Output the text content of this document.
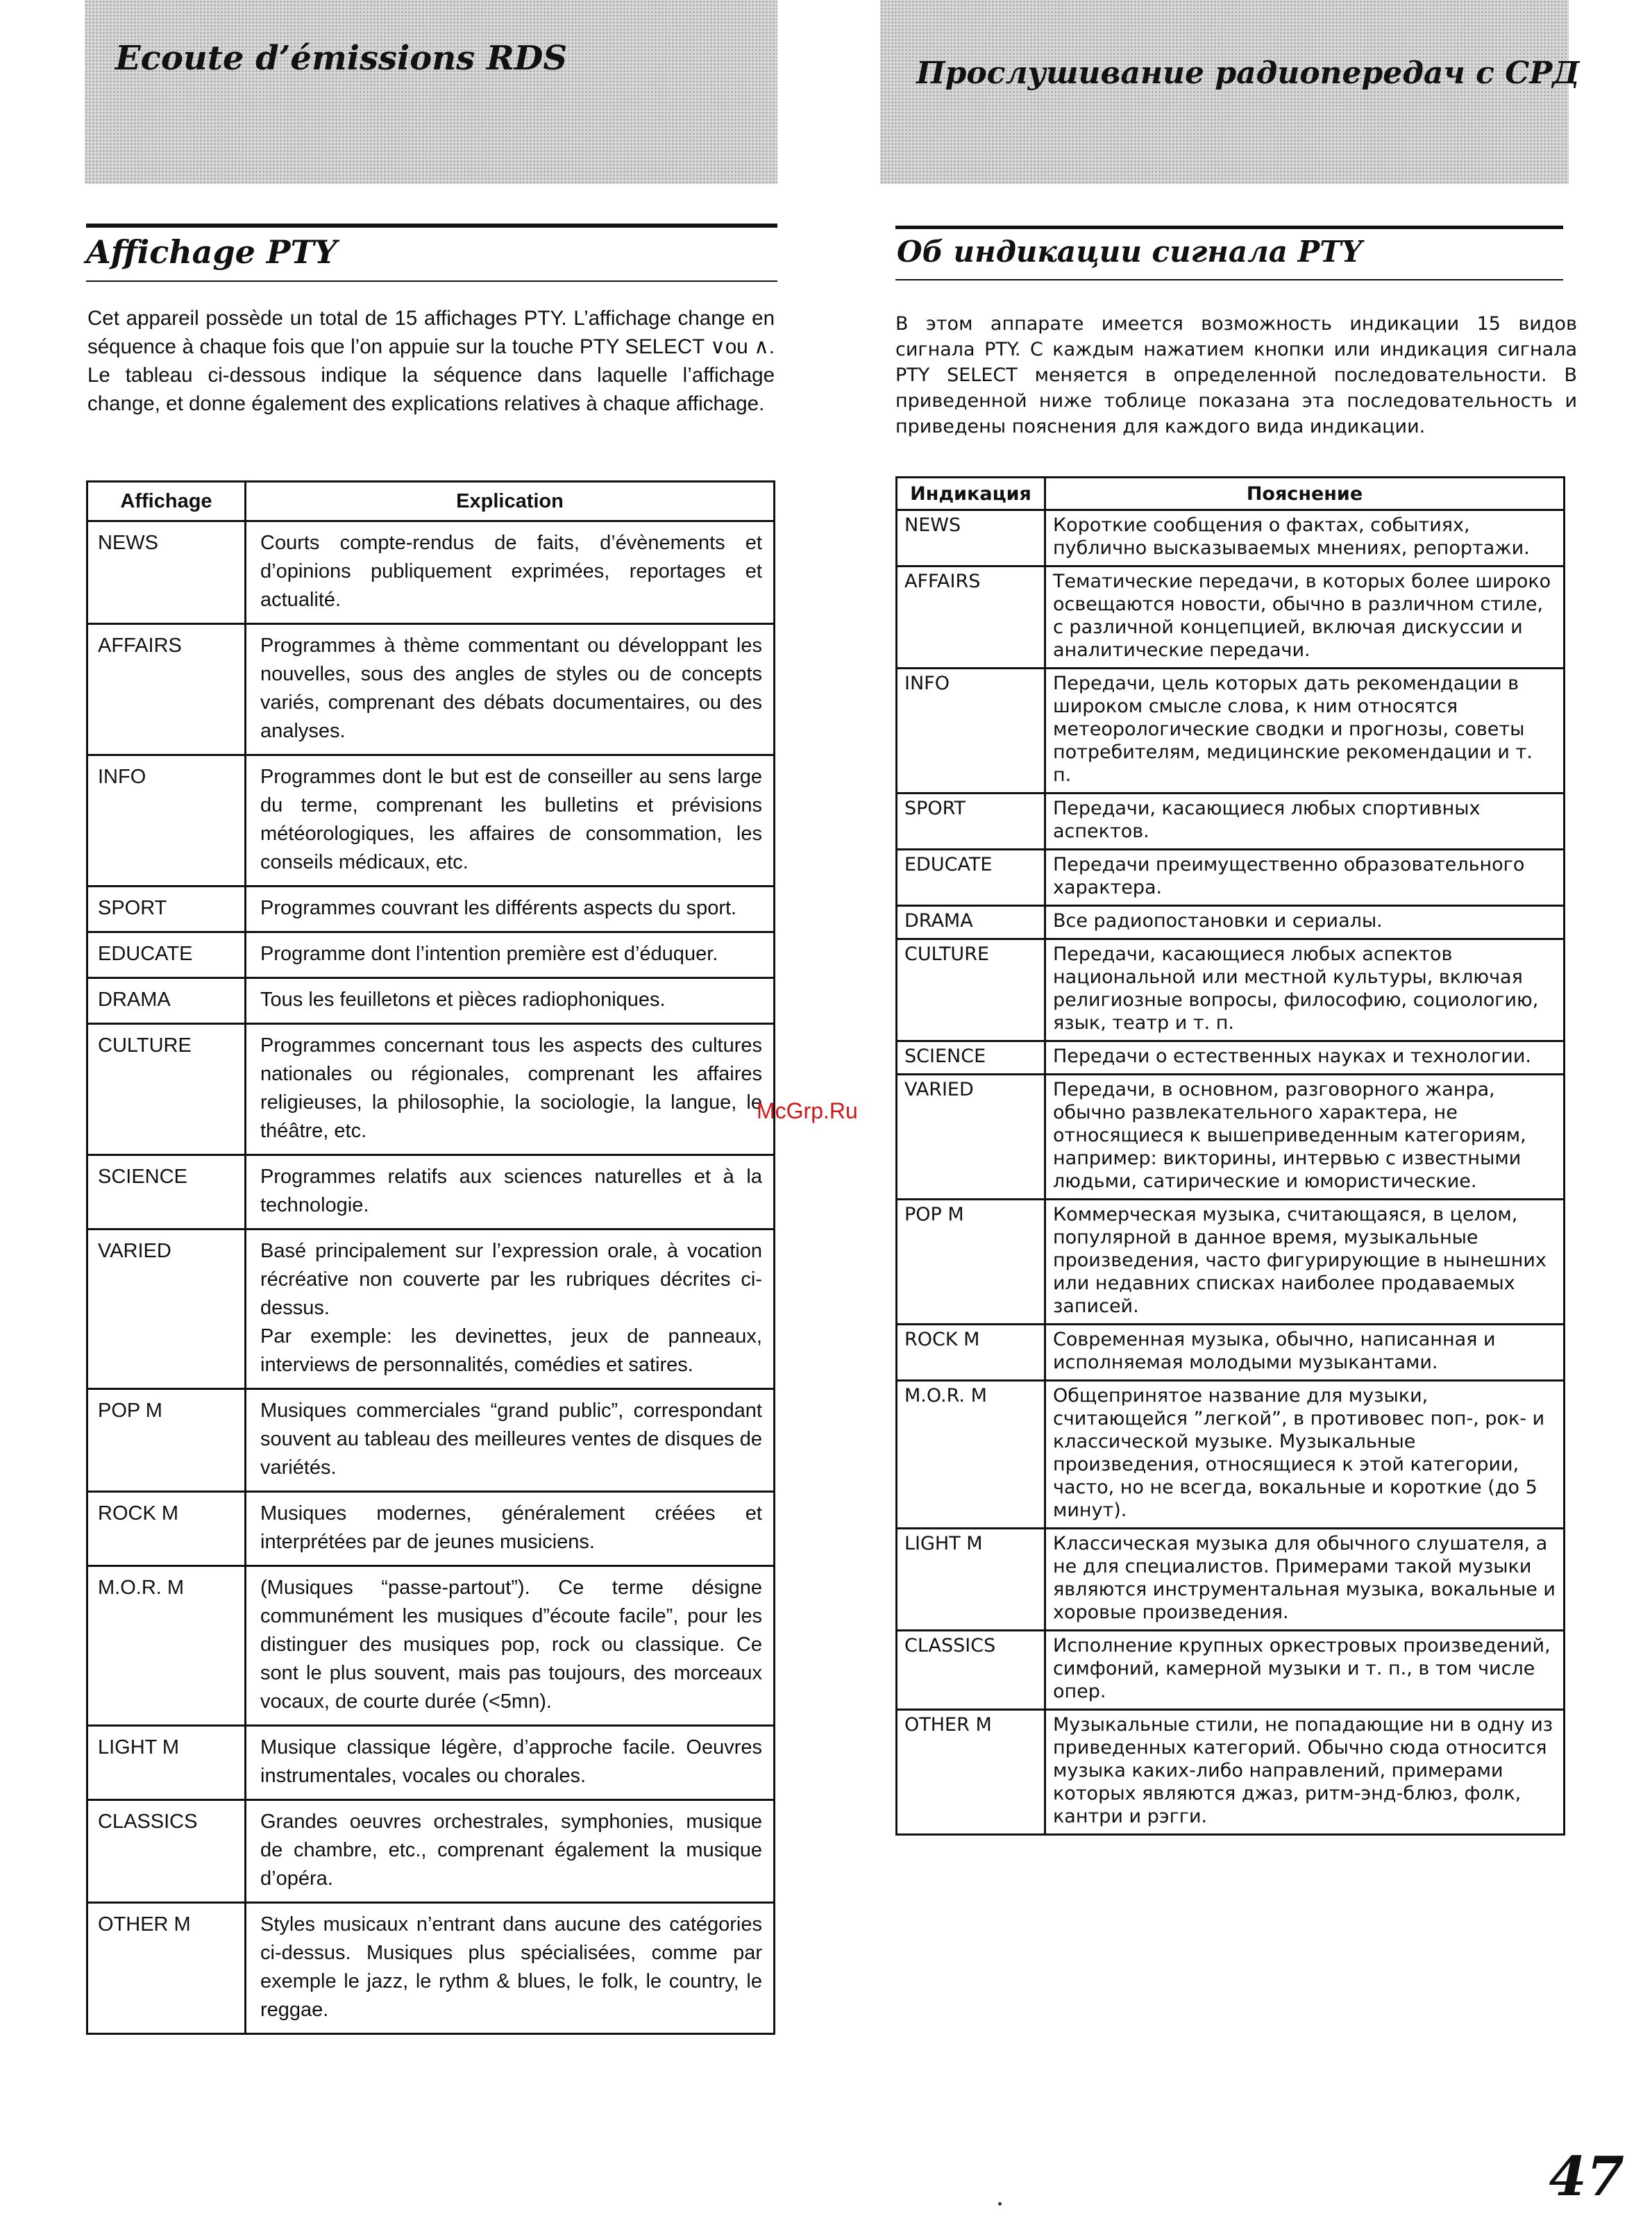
Ecoute d’émissions RDS	Прослушивание радиопередач с СРД
Affichage PTY
Cet appareil possède un total de 15 affichages PTY. L’affichage change en séquence à chaque fois que l’on appuie sur la touche PTY SELECT ∨ou ∧. Le tableau ci-dessous indique la séquence dans laquelle l’affichage change, et donne également des explications relatives à chaque affichage.
Affichage	Explication
NEWS	Courts compte-rendus de faits, d’évènements et d’opinions publiquement exprimées, reportages et actualité.
AFFAIRS	Programmes à thème commentant ou développant les nouvelles, sous des angles de styles ou de concepts variés, comprenant des débats documentaires, ou des analyses.
INFO	Programmes dont le but est de conseiller au sens large du terme, comprenant les bulletins et prévisions météorologiques, les affaires de consommation, les conseils médicaux, etc.
SPORT	Programmes couvrant les différents aspects du sport.
EDUCATE	Programme dont l’intention première est d’éduquer.
DRAMA	Tous les feuilletons et pièces radiophoniques.
CULTURE	Programmes concernant tous les aspects des cultures nationales ou régionales, comprenant les affaires religieuses, la philosophie, la sociologie, la langue, le théâtre, etc.
SCIENCE	Programmes relatifs aux sciences naturelles et à la technologie.
VARIED	Basé principalement sur l’expression orale, à vocation récréative non couverte par les rubriques décrites ci-dessus.
Par exemple: les devinettes, jeux de panneaux, interviews de personnalités, comédies et satires.
POP M	Musiques commerciales “grand public”, correspondant souvent au tableau des meilleures ventes de disques de variétés.
ROCK M	Musiques modernes, généralement créées et interprétées par de jeunes musiciens.
M.O.R. M	(Musiques “passe-partout”). Ce terme désigne communément les musiques d”écoute facile”, pour les distinguer des musiques pop, rock ou classique. Ce sont le plus souvent, mais pas toujours, des morceaux vocaux, de courte durée (<5mn).
LIGHT M	Musique classique légère, d’approche facile. Oeuvres instrumentales, vocales ou chorales.
CLASSICS	Grandes oeuvres orchestrales, symphonies, musique de chambre, etc., comprenant également la musique d’opéra.
OTHER M	Styles musicaux n’entrant dans aucune des catégories ci-dessus. Musiques plus spécialisées, comme par exemple le jazz, le rythm & blues, le folk, le country, le reggae.
Об индикации сигнала PTY
В этом аппарате имеется возможность индикации 15 видов сигнала PTY. С каждым нажатием кнопки или индикация сигнала PTY SELECT меняется в определенной последовательности. В приведенной ниже тоблице показана эта последовательность и приведены пояснения для каждого вида индикации.
Индикация	Пояснение
NEWS	Короткие сообщения о фактах, событиях, публично высказываемых мнениях, репортажи.
AFFAIRS	Тематические передачи, в которых более широко освещаются новости, обычно в различном стиле, с различной концепцией, включая дискуссии и аналитические передачи.
INFO	Передачи, цель которых дать рекомендации в широком смысле слова, к ним относятся метеорологические сводки и прогнозы, советы потребителям, медицинские рекомендации и т. п.
SPORT	Передачи, касающиеся любых спортивных аспектов.
EDUCATE	Передачи преимущественно образовательного характера.
DRAMA	Все радиопостановки и сериалы.
CULTURE	Передачи, касающиеся любых аспектов национальной или местной культуры, включая религиозные вопросы, философию, социологию, язык, театр и т. п.
SCIENCE	Передачи о естественных науках и технологии.
VARIED	Передачи, в основном, разговорного жанра, обычно развлекательного характера, не относящиеся к вышеприведенным категориям, например: викторины, интервью с известными людьми, сатирические и юмористические.
POP M	Коммерческая музыка, считающаяся, в целом, популярной в данное время, музыкальные произведения, часто фигурирующие в нынешних или недавних списках наиболее продаваемых записей.
ROCK M	Современная музыка, обычно, написанная и исполняемая молодыми музыкантами.
M.O.R. M	Общепринятое название для музыки, считающейся ”легкой”, в противовес поп-, рок- и классической музыке. Музыкальные произведения, относящиеся к этой категории, часто, но не всегда, вокальные и короткие (до 5 минут).
LIGHT M	Классическая музыка для обычного слушателя, а не для специалистов. Примерами такой музыки являются инструментальная музыка, вокальные и хоровые произведения.
CLASSICS	Исполнение крупных оркестровых произведений, симфоний, камерной музыки и т. п., в том числе опер.
OTHER M	Музыкальные стили, не попадающие ни в одну из приведенных категорий. Обычно сюда относится музыка каких-либо направлений, примерами которых являются джаз, ритм-энд-блюз, фолк, кантри и рэгги.
McGrp.Ru
47
